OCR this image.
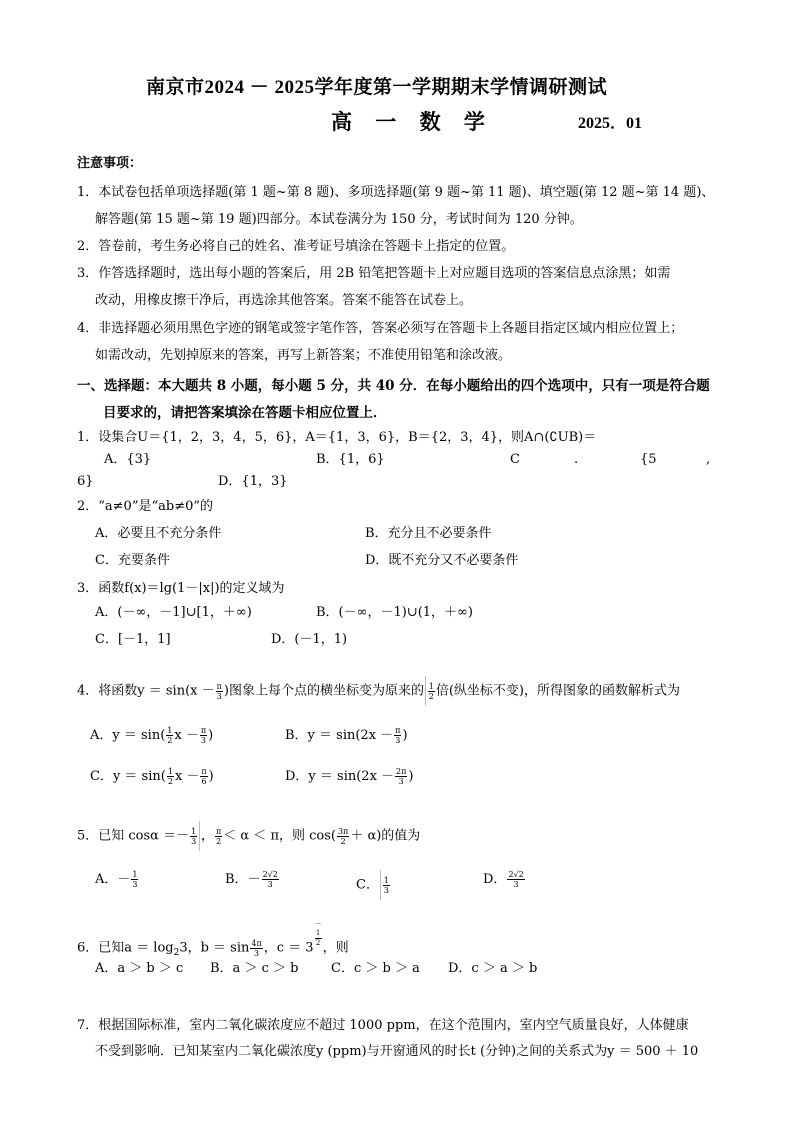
南京市2024 － 2025学年度第一学期期末学情调研测试
高 一 数 学	2025．01
注意事项：
1．本试卷包括单项选择题(第 1 题~第 8 题)、多项选择题(第 9 题~第 11 题)、填空题(第 12 题~第 14 题)、
解答题(第 15 题~第 19 题)四部分。本试卷满分为 150 分，考试时间为 120 分钟。
2．答卷前，考生务必将自己的姓名、准考证号填涂在答题卡上指定的位置。
3．作答选择题时，选出每小题的答案后，用 2B 铅笔把答题卡上对应题目选项的答案信息点涂黑；如需
改动，用橡皮擦干净后，再选涂其他答案。答案不能答在试卷上。
4．非选择题必须用黑色字迹的钢笔或签字笔作答，答案必须写在答题卡上各题目指定区域内相应位置上；
如需改动，先划掉原来的答案，再写上新答案；不准使用铅笔和涂改液。
一、选择题：本大题共 8 小题，每小题 5 分，共 40 分．在每小题给出的四个选项中，只有一项是符合题
目要求的，请把答案填涂在答题卡相应位置上．
1．设集合U＝{1，2，3，4，5，6}，A＝{1，3，6}，B＝{2，3，4}，则A∩(∁UB)＝
A．{3}	B．{1，6}	C	.	{5	,
6}	D．{1，3}
2．“a≠0”是“ab≠0”的
A．必要且不充分条件	B．充分且不必要条件
C．充要条件	D．既不充分又不必要条件
3．函数f(x)＝lg(1－|x|)的定义域为
A．(－∞，－1]∪[1，＋∞)	B．(－∞，－1)∪(1，＋∞)
C．[－1，1]	D．(－1，1)
4．将函数$y = \sin(x - \frac{\pi}{3}$ )图象上每个点的横坐标变为原来的 $\frac{1}{2}$ 倍(纵坐标不变)，所得图象的函数解析式为
A．$y = \sin( \frac{1}{2}$ $x - \frac{\pi}{3}$ )	B．$y = \sin(2x - \frac{\pi}{3}$ )
C．$y = \sin( \frac{1}{2}$ $x - \frac{\pi}{6}$ )	D．$y = \sin(2x - \frac{2\pi}{3}$ )
5．已知 $\cos\alpha =- \frac{1}{3}$ ， $\frac{\pi}{2} < \alpha < \pi$，则 $\cos( \frac{3\pi}{2} + \alpha)$的值为
A．－ $\frac{1}{3}$	B．－ $\frac{2√2}{3}$	C． $\frac{1}{3}$	D． $\frac{2√2}{3}$
6．已知$a = \log_23$，$b = \sin \frac{4\pi}{3}$ ，c ＝ 3
－
1
2 ，则
A．a ＞ b ＞ c B．a ＞ c ＞ b	C．c ＞ b ＞ a D．c ＞ a ＞ b
7．根据国际标准，室内二氧化碳浓度应不超过 1000 ppm，在这个范围内，室内空气质量良好，人体健康
不受到影响．已知某室内二氧化碳浓度y (ppm)与开窗通风的时长t (分钟)之间的关系式为y ＝ 500 ＋ 10
